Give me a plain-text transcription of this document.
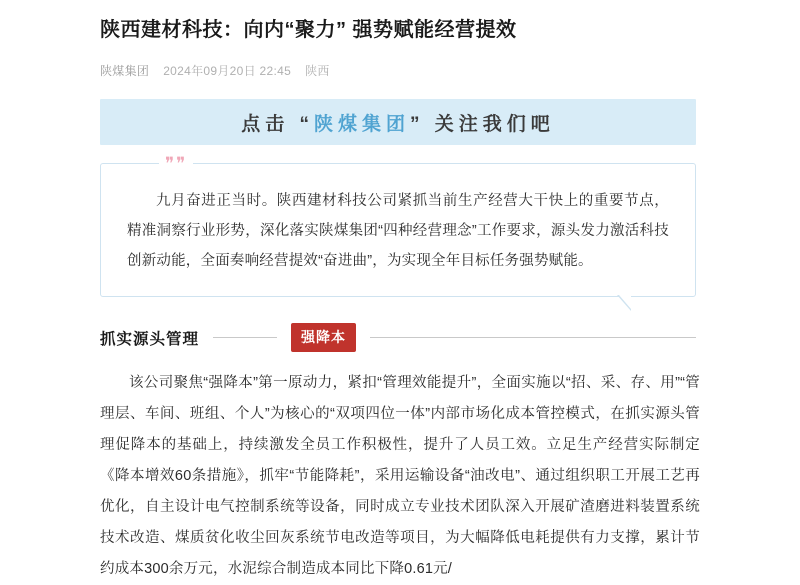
陕西建材科技：向内“聚力” 强势赋能经营提效
陕煤集团 2024年09月20日 22:45 陕西
点击 “陕煤集团” 关注我们吧
❞❞
九月奋进正当时。陕西建材科技公司紧抓当前生产经营大干快上的重要节点，精准洞察行业形势，深化落实陕煤集团“四种经营理念”工作要求，源头发力激活科技创新动能，全面奏响经营提效“奋进曲”，为实现全年目标任务强势赋能。
抓实源头管理	强降本
该公司聚焦“强降本”第一原动力，紧扣“管理效能提升”，全面实施以“招、采、存、用”“管理层、车间、班组、个人”为核心的“双项四位一体”内部市场化成本管控模式，在抓实源头管理促降本的基础上，持续激发全员工作积极性，提升了人员工效。立足生产经营实际制定《降本增效60条措施》，抓牢“节能降耗”，采用运输设备“油改电”、通过组织职工开展工艺再优化，自主设计电气控制系统等设备，同时成立专业技术团队深入开展矿渣磨进料装置系统技术改造、煤质贫化收尘回灰系统节电改造等项目，为大幅降低电耗提供有力支撑，累计节约成本300余万元，水泥综合制造成本同比下降0.61元/
